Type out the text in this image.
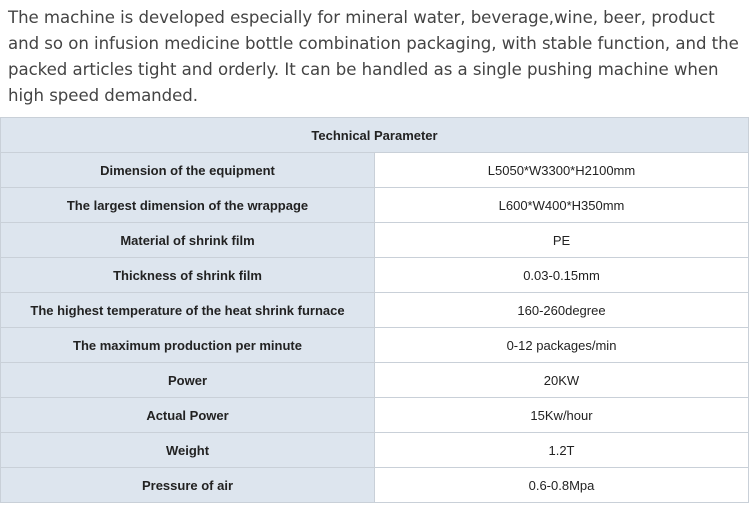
The machine is developed especially for mineral water, beverage,wine, beer, product and so on infusion medicine bottle combination packaging, with stable function, and the packed articles tight and orderly. It can be handled as a single pushing machine when high speed demanded.

Technical Parameter	
Dimension of the equipment	L5050*W3300*H2100mm
The largest dimension of the wrappage	L600*W400*H350mm
Material of shrink film	PE
Thickness of shrink film	0.03-0.15mm
The highest temperature of the heat shrink furnace	160-260degree
The maximum production per minute	0-12 packages/min
Power	20KW
Actual Power	15Kw/hour
Weight	1.2T
Pressure of air	0.6-0.8Mpa
